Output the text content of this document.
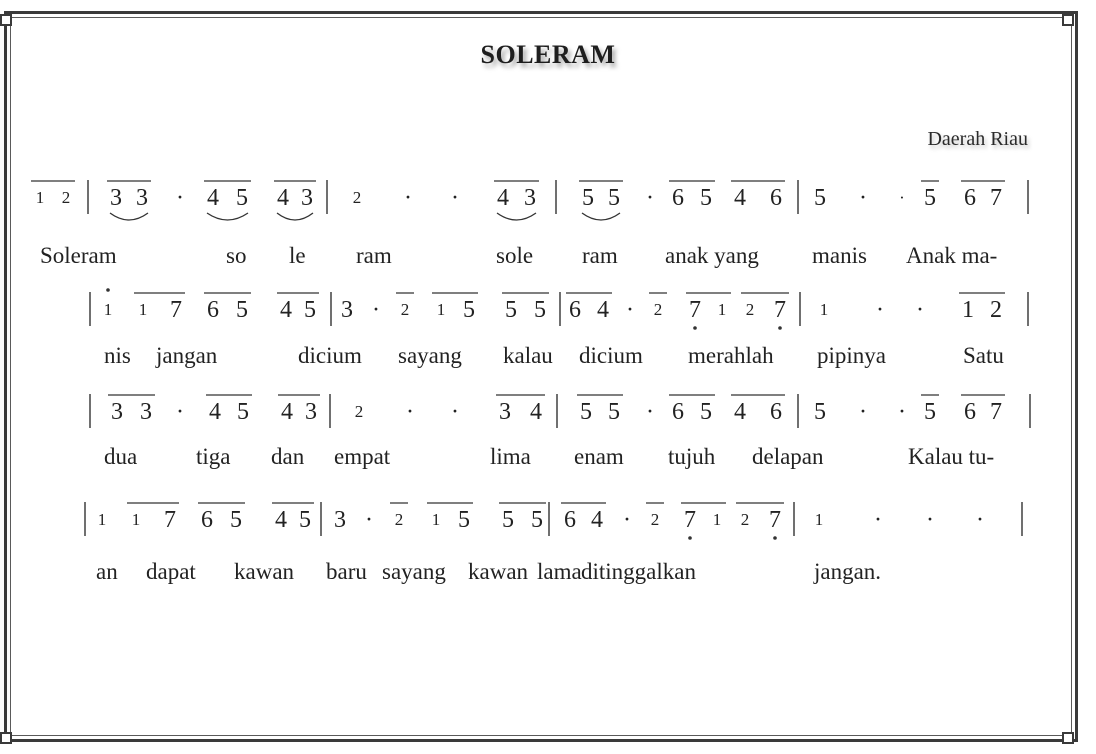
SOLERAM
Daerah Riau
1 2 3 3 · 4 5 4 3 2 · · 4 3 5 5 · 6 5 4 6 5 · · 5 6 7
1 1 7 6 5 4 5 3 · 2 1 5 5 5 6 4 · 2 7 1 2 7 1 · · 1 2
3 3 · 4 5 4 3 2 · · 3 4 5 5 · 6 5 4 6 5 · · 5 6 7
1 1 7 6 5 4 5 3 · 2 1 5 5 5 6 4 · 2 7 1 2 7 1 · · ·
Soleram	so le ram	sole ram anak yang manis Anak ma-
nis jangan	dicium sayang kalau dicium merahlah pipinya	Satu
dua	tiga dan empat	lima enam tujuh delapan	Kalau tu-
an dapat kawan baru sayang kawan lama ditinggalkan	jangan.
